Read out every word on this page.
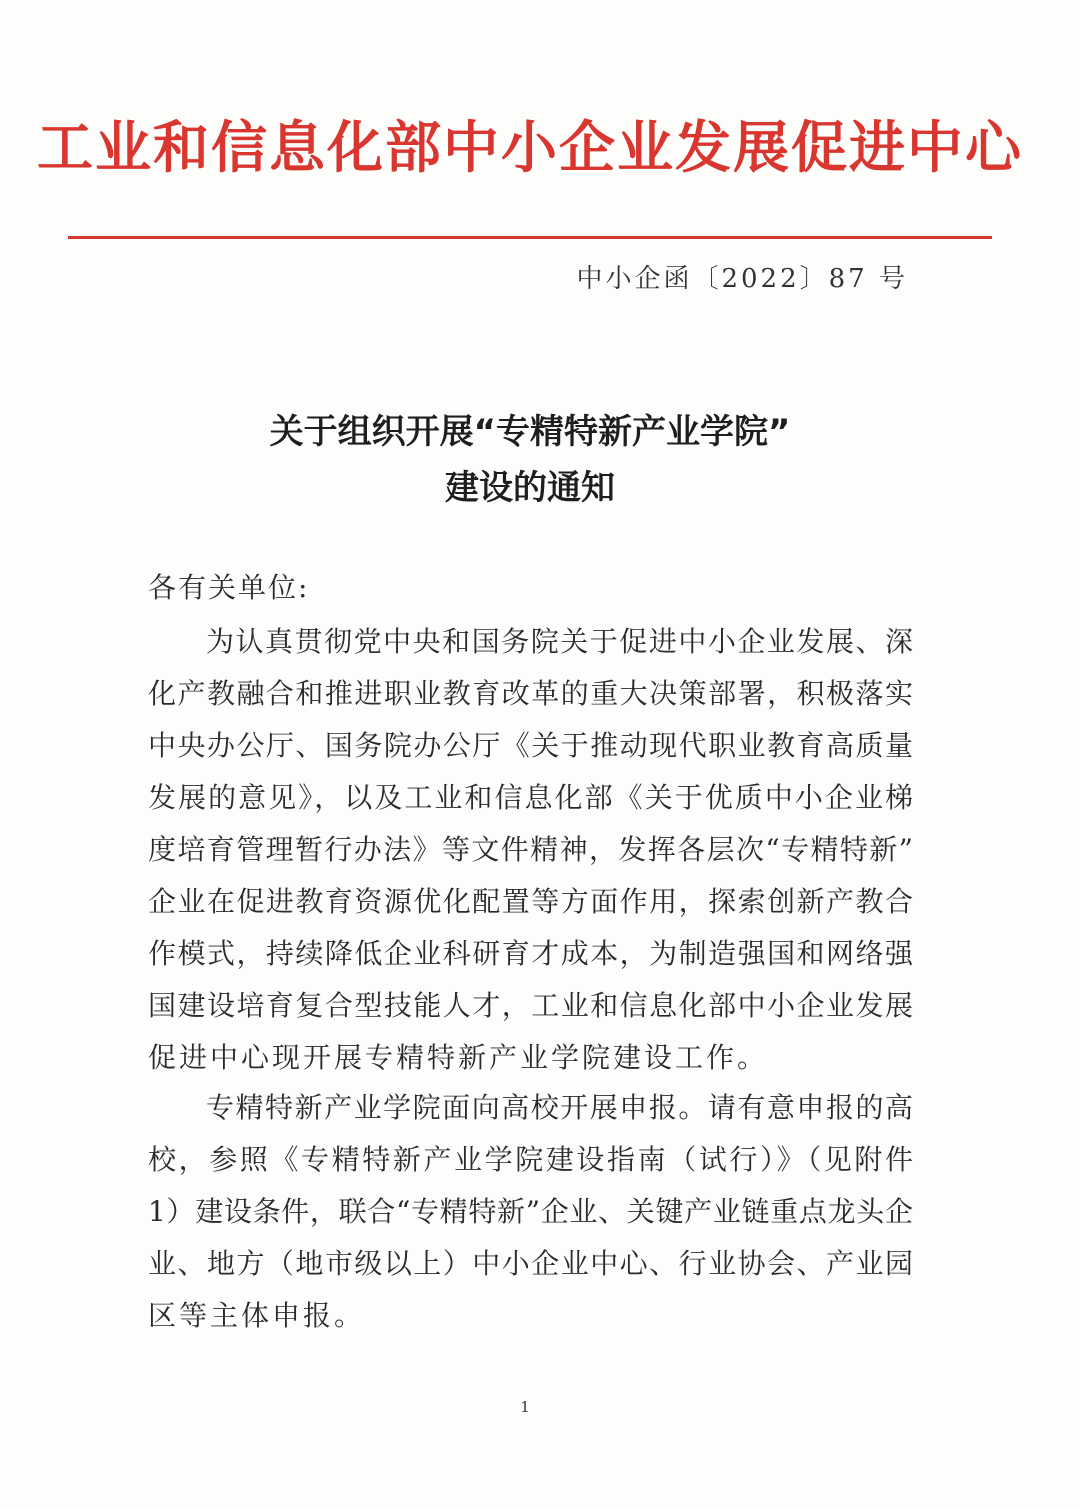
工业和信息化部中小企业发展促进中心
中小企函〔2022〕87 号
关于组织开展“专精特新产业学院”
建设的通知
各有关单位:
为认真贯彻党中央和国务院关于促进中小企业发展、深
化产教融合和推进职业教育改革的重大决策部署，积极落实
中央办公厅、国务院办公厅《关于推动现代职业教育高质量
发展的意见》，以及工业和信息化部《关于优质中小企业梯
度培育管理暂行办法》等文件精神，发挥各层次“专精特新”
企业在促进教育资源优化配置等方面作用，探索创新产教合
作模式，持续降低企业科研育才成本，为制造强国和网络强
国建设培育复合型技能人才，工业和信息化部中小企业发展
促进中心现开展专精特新产业学院建设工作。
专精特新产业学院面向高校开展申报。请有意申报的高
校，参照《专精特新产业学院建设指南（试行）》（见附件
1）建设条件，联合“专精特新”企业、关键产业链重点龙头企
业、地方（地市级以上）中小企业中心、行业协会、产业园
区等主体申报。
1
